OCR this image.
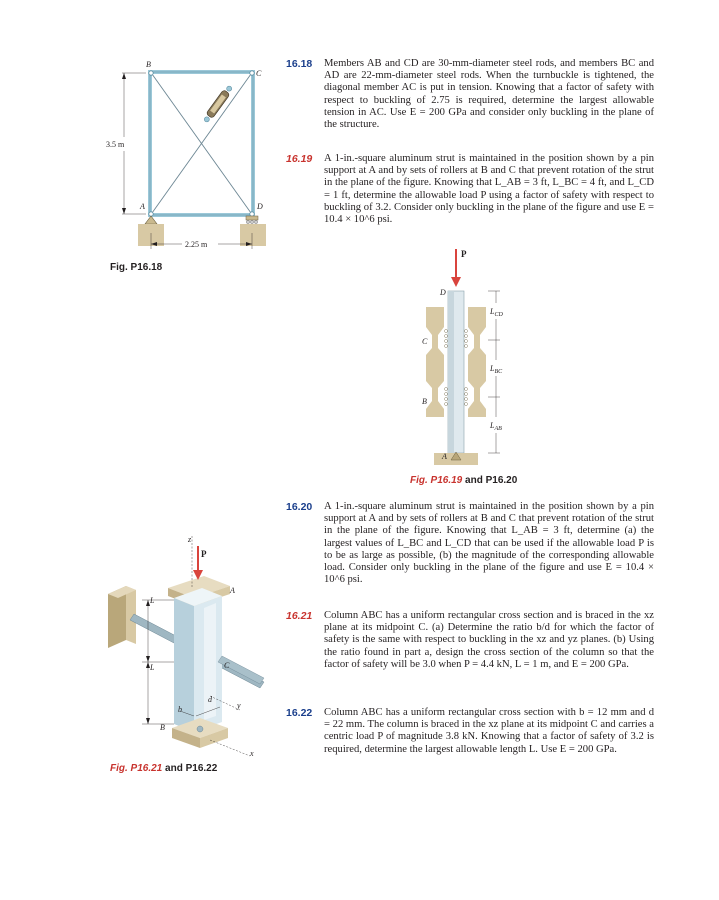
B
C
A	D
3.5 m
2.25 m
Fig. P16.18
P
D
C
B
A
$L_{CD}$
$L_{BC}$
$L_{AB}$
Fig. P16.19 and P16.20
P
z
y
x
L
L
A
C
B
b
d
Fig. P16.21 and P16.22
16.18 Members AB and CD are 30-mm-diameter steel rods, and members BC and AD are 22-mm-diameter steel rods. When the turnbuckle is tightened, the diagonal member AC is put in tension. Knowing that a factor of safety with respect to buckling of 2.75 is required, determine the largest allowable tension in AC. Use E = 200 GPa and consider only buckling in the plane of the structure.
16.19 A 1-in.-square aluminum strut is maintained in the position shown by a pin support at A and by sets of rollers at B and C that prevent rotation of the strut in the plane of the figure. Knowing that L_AB = 3 ft, L_BC = 4 ft, and L_CD = 1 ft, determine the allowable load P using a factor of safety with respect to buckling of 3.2. Consider only buckling in the plane of the figure and use E = 10.4 × 10^6 psi.
16.20 A 1-in.-square aluminum strut is maintained in the position shown by a pin support at A and by sets of rollers at B and C that prevent rotation of the strut in the plane of the figure. Knowing that L_AB = 3 ft, determine (a) the largest values of L_BC and L_CD that can be used if the allowable load P is to be as large as possible, (b) the magnitude of the corresponding allowable load. Consider only buckling in the plane of the figure and use E = 10.4 × 10^6 psi.
16.21 Column ABC has a uniform rectangular cross section and is braced in the xz plane at its midpoint C. (a) Determine the ratio b/d for which the factor of safety is the same with respect to buckling in the xz and yz planes. (b) Using the ratio found in part a, design the cross section of the column so that the factor of safety will be 3.0 when P = 4.4 kN, L = 1 m, and E = 200 GPa.
16.22 Column ABC has a uniform rectangular cross section with b = 12 mm and d = 22 mm. The column is braced in the xz plane at its midpoint C and carries a centric load P of magnitude 3.8 kN. Knowing that a factor of safety of 3.2 is required, determine the largest allowable length L. Use E = 200 GPa.
